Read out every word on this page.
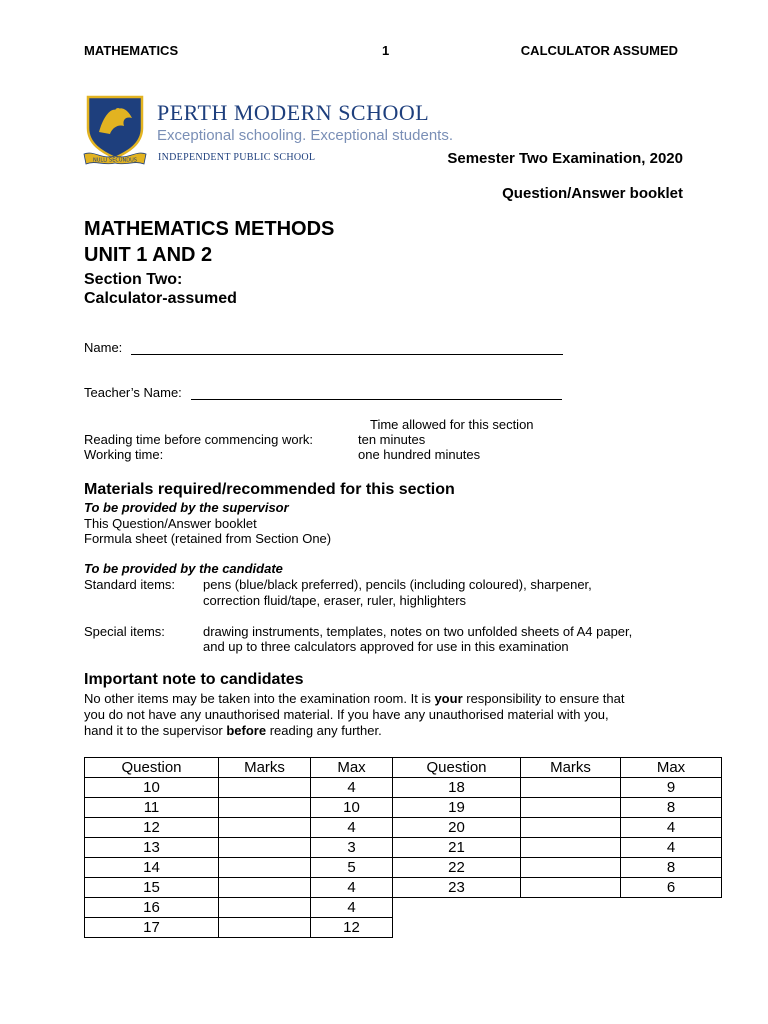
MATHEMATICS	1	CALCULATOR ASSUMED
NULLI SECUNDUS
PERTH MODERN SCHOOL
Exceptional schooling. Exceptional students.
INDEPENDENT PUBLIC SCHOOL	Semester Two Examination, 2020
Question/Answer booklet
MATHEMATICS METHODS
UNIT 1 AND 2
Section Two:
Calculator-assumed
Name:
Teacher’s Name:
Time allowed for this section
Reading time before commencing work:	ten minutes
Working time:	one hundred minutes
Materials required/recommended for this section
To be provided by the supervisor
This Question/Answer booklet
Formula sheet (retained from Section One)
To be provided by the candidate
Standard items: pens (blue/black preferred), pencils (including coloured), sharpener,
correction fluid/tape, eraser, ruler, highlighters
Special items:	drawing instruments, templates, notes on two unfolded sheets of A4 paper,
and up to three calculators approved for use in this examination
Important note to candidates
No other items may be taken into the examination room. It is your responsibility to ensure that
you do not have any unauthorised material. If you have any unauthorised material with you,
hand it to the supervisor before reading any further.
Question	Marks	Max	Question	Marks	Max
10		4	18		9
11		10	19		8
12		4	20		4
13		3	21		4
14		5	22		8
15		4	23		6
16		4			
17		12			
